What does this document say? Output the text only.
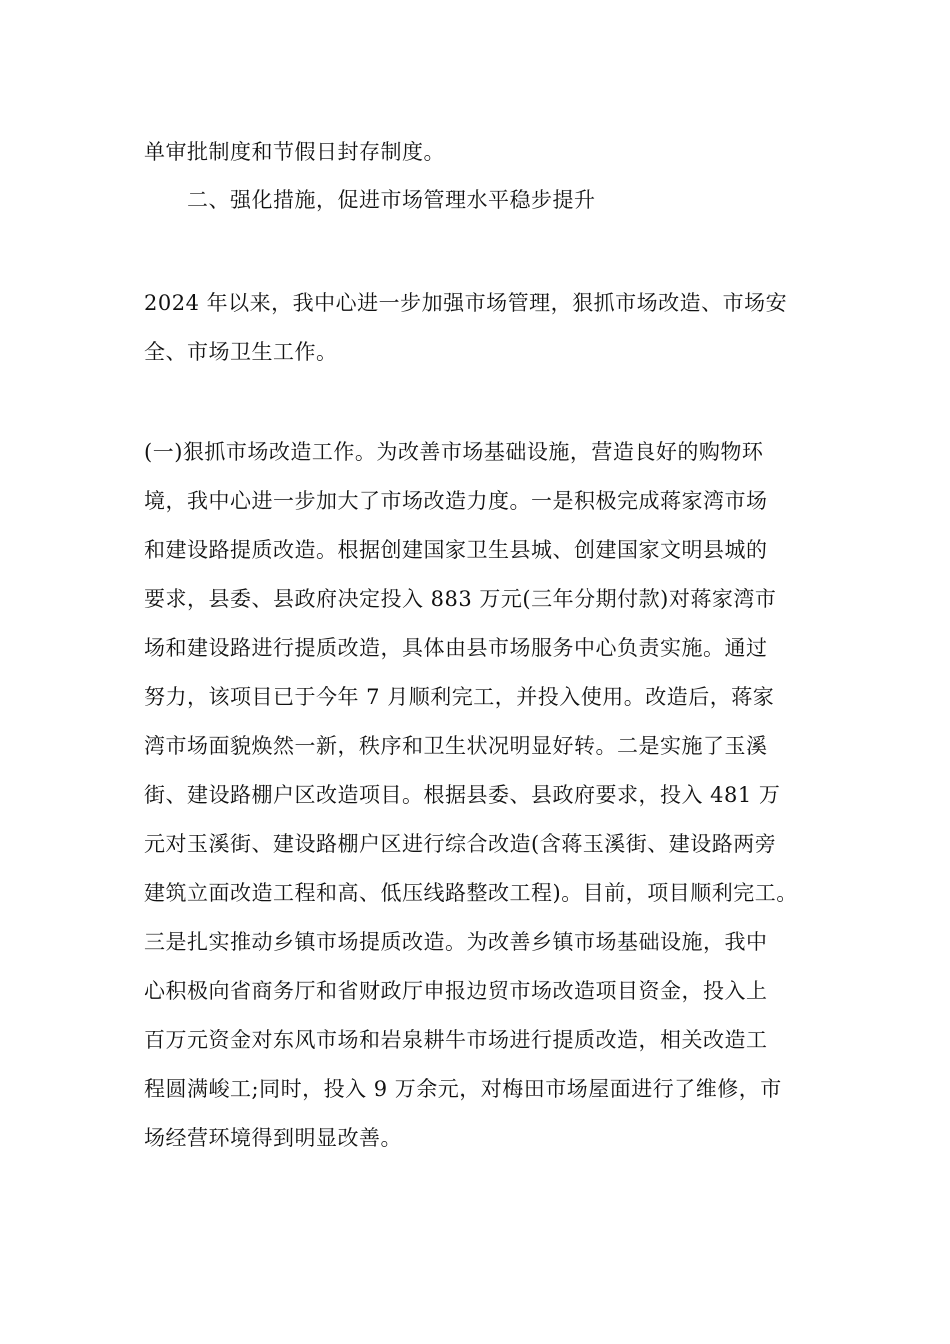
单审批制度和节假日封存制度。
二、强化措施，促进市场管理水平稳步提升
2024 年以来，我中心进一步加强市场管理，狠抓市场改造、市场安
全、市场卫生工作。
(一)狠抓市场改造工作。为改善市场基础设施，营造良好的购物环
境，我中心进一步加大了市场改造力度。一是积极完成蒋家湾市场
和建设路提质改造。根据创建国家卫生县城、创建国家文明县城的
要求，县委、县政府决定投入 883 万元(三年分期付款)对蒋家湾市
场和建设路进行提质改造，具体由县市场服务中心负责实施。通过
努力，该项目已于今年 7 月顺利完工，并投入使用。改造后，蒋家
湾市场面貌焕然一新，秩序和卫生状况明显好转。二是实施了玉溪
街、建设路棚户区改造项目。根据县委、县政府要求，投入 481 万
元对玉溪街、建设路棚户区进行综合改造(含蒋玉溪街、建设路两旁
建筑立面改造工程和高、低压线路整改工程)。目前，项目顺利完工。
三是扎实推动乡镇市场提质改造。为改善乡镇市场基础设施，我中
心积极向省商务厅和省财政厅申报边贸市场改造项目资金，投入上
百万元资金对东风市场和岩泉耕牛市场进行提质改造，相关改造工
程圆满峻工;同时，投入 9 万余元，对梅田市场屋面进行了维修，市
场经营环境得到明显改善。
